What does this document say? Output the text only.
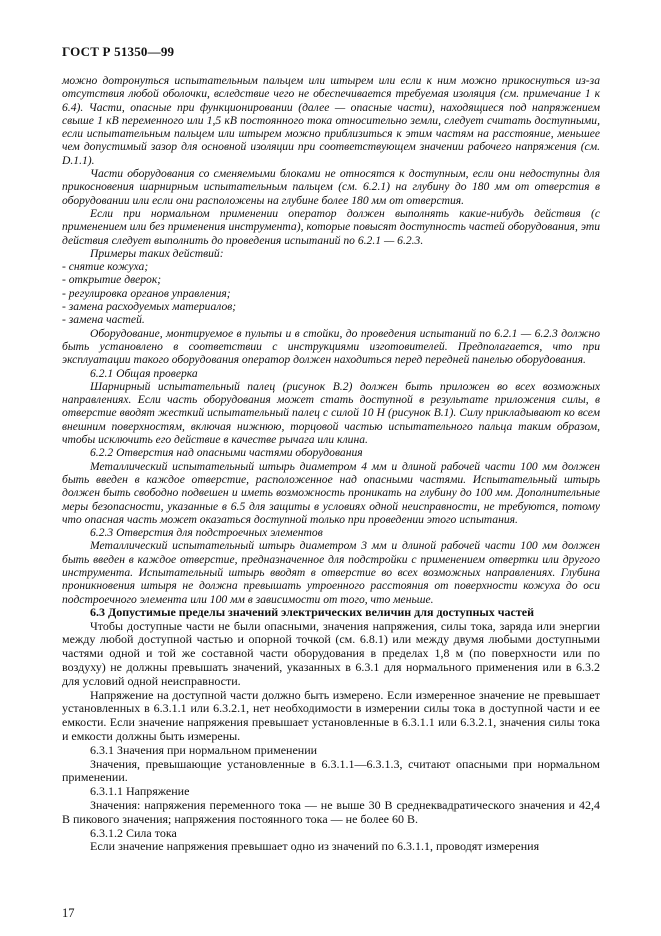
ГОСТ Р 51350—99

можно дотронуться испытательным пальцем или штырем или если к ним можно прикоснуться из-за отсутствия любой оболочки, вследствие чего не обеспечивается требуемая изоляция (см. примечание 1 к 6.4). Части, опасные при функционировании (далее — опасные части), находящиеся под напряжением свыше 1 кВ переменного или 1,5 кВ постоянного тока относительно земли, следует считать доступными, если испытательным пальцем или штырем можно приблизиться к этим частям на расстояние, меньшее чем допустимый зазор для основной изоляции при соответствующем значении рабочего напряжения (см. D.1.1).

Части оборудования со сменяемыми блоками не относятся к доступным, если они недоступны для прикосновения шарнирным испытательным пальцем (см. 6.2.1) на глубину до 180 мм от отверстия в оборудовании или если они расположены на глубине более 180 мм от отверстия.

Если при нормальном применении оператор должен выполнять какие-нибудь действия (с применением или без применения инструмента), которые повысят доступность частей оборудования, эти действия следует выполнить до проведения испытаний по 6.2.1 — 6.2.3.

Примеры таких действий:

- снятие кожуха;

- открытие дверок;

- регулировка органов управления;

- замена расходуемых материалов;

- замена частей.

Оборудование, монтируемое в пульты и в стойки, до проведения испытаний по 6.2.1 — 6.2.3 должно быть установлено в соответствии с инструкциями изготовителей. Предполагается, что при эксплуатации такого оборудования оператор должен находиться перед передней панелью оборудования.

6.2.1 Общая проверка

Шарнирный испытательный палец (рисунок В.2) должен быть приложен во всех возможных направлениях. Если часть оборудования может стать доступной в результате приложения силы, в отверстие вводят жесткий испытательный палец с силой 10 Н (рисунок В.1). Силу прикладывают ко всем внешним поверхностям, включая нижнюю, торцовой частью испытательного пальца таким образом, чтобы исключить его действие в качестве рычага или клина.

6.2.2 Отверстия над опасными частями оборудования

Металлический испытательный штырь диаметром 4 мм и длиной рабочей части 100 мм должен быть введен в каждое отверстие, расположенное над опасными частями. Испытательный штырь должен быть свободно подвешен и иметь возможность проникать на глубину до 100 мм. Дополнительные меры безопасности, указанные в 6.5 для защиты в условиях одной неисправности, не требуются, потому что опасная часть может оказаться доступной только при проведении этого испытания.

6.2.3 Отверстия для подстроечных элементов

Металлический испытательный штырь диаметром 3 мм и длиной рабочей части 100 мм должен быть введен в каждое отверстие, предназначенное для подстройки с применением отвертки или другого инструмента. Испытательный штырь вводят в отверстие во всех возможных направлениях. Глубина проникновения штыря не должна превышать утроенного расстояния от поверхности кожуха до оси подстроечного элемента или 100 мм в зависимости от того, что меньше.

6.3 Допустимые пределы значений электрических величин для доступных частей

Чтобы доступные части не были опасными, значения напряжения, силы тока, заряда или энергии между любой доступной частью и опорной точкой (см. 6.8.1) или между двумя любыми доступными частями одной и той же составной части оборудования в пределах 1,8 м (по поверхности или по воздуху) не должны превышать значений, указанных в 6.3.1 для нормального применения или в 6.3.2 для условий одной неисправности.

Напряжение на доступной части должно быть измерено. Если измеренное значение не превышает установленных в 6.3.1.1 или 6.3.2.1, нет необходимости в измерении силы тока в доступной части и ее емкости. Если значение напряжения превышает установленные в 6.3.1.1 или 6.3.2.1, значения силы тока и емкости должны быть измерены.

6.3.1 Значения при нормальном применении

Значения, превышающие установленные в 6.3.1.1—6.3.1.3, считают опасными при нормальном применении.

6.3.1.1 Напряжение

Значения: напряжения переменного тока — не выше 30 В среднеквадратического значения и 42,4 В пикового значения; напряжения постоянного тока — не более 60 В.

6.3.1.2 Сила тока

Если значение напряжения превышает одно из значений по 6.3.1.1, проводят измерения

17
